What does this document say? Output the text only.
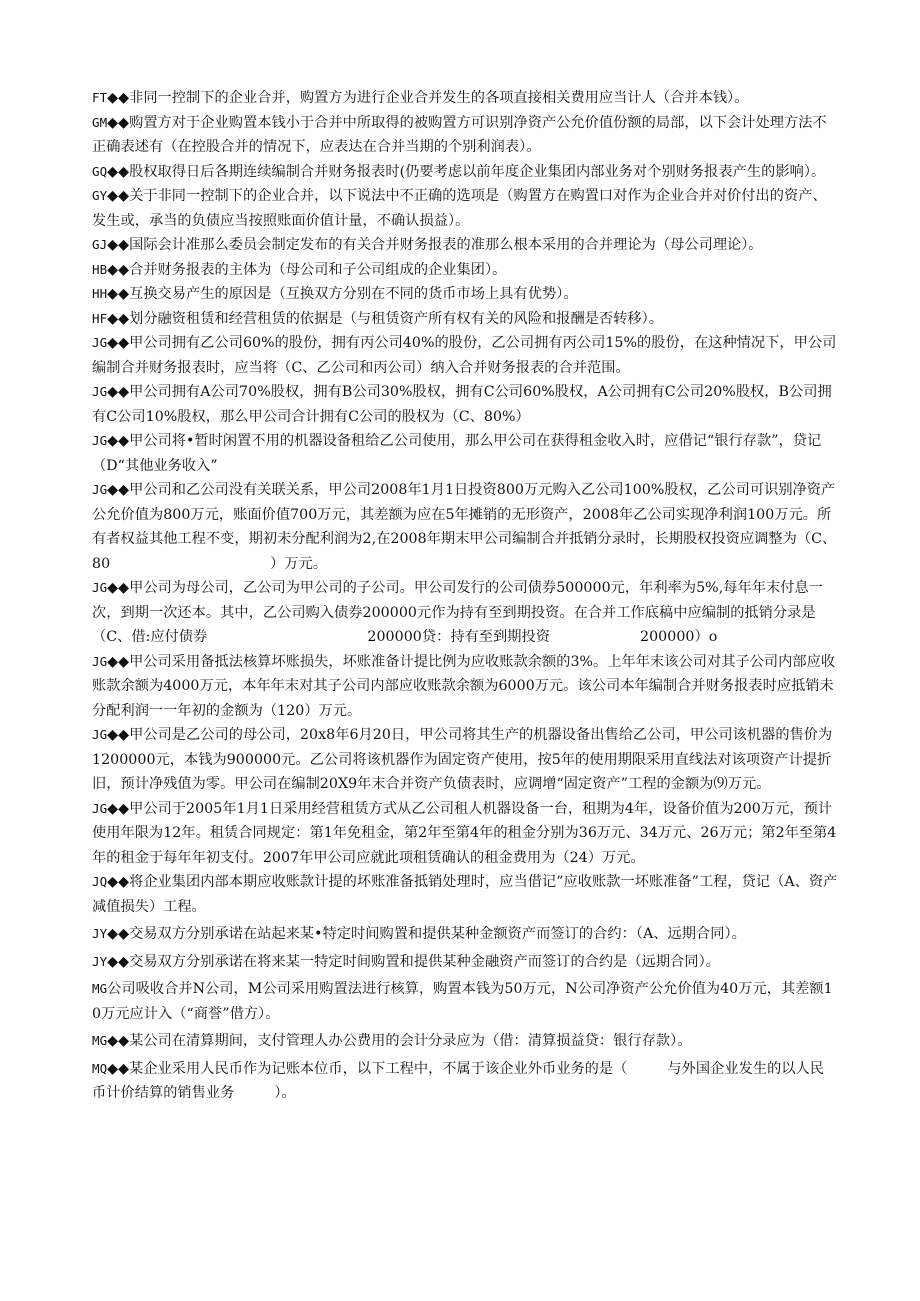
FT◆◆非同一控制下的企业合并，购置方为进行企业合并发生的各项直接相关费用应当计人（合并本钱）。

GM◆◆购置方对于企业购置本钱小于合并中所取得的被购置方可识别净资产公允价值份额的局部，以下会计处理方法不正确表述有（在控股合并的情况下，应表达在合并当期的个别利润表）。

GQ◆◆股权取得日后各期连续编制合并财务报表时(仍要考虑以前年度企业集团内部业务对个别财务报表产生的影响）。

GY◆◆关于非同一控制下的企业合并，以下说法中不正确的选项是（购置方在购置口对作为企业合并对价付出的资产、发生或，承当的负债应当按照账面价值计量，不确认损益）。

GJ◆◆国际会计准那么委员会制定发布的有关合并财务报表的准那么根本采用的合并理论为（母公司理论）。

HB◆◆合并财务报表的主体为（母公司和子公司组成的企业集团）。

HH◆◆互换交易产生的原因是（互换双方分别在不同的货币市场上具有优势）。

HF◆◆划分融资租赁和经营租赁的依据是（与租赁资产所有权有关的风险和报酬是否转移）。

JG◆◆甲公司拥有乙公司60%的股份，拥有丙公司40%的股份，乙公司拥有丙公司15%的股份，在这种情况下，甲公司编制合并财务报表时，应当将（C、乙公司和丙公司）纳入合并财务报表的合并范围。

JG◆◆甲公司拥有A公司70%股权，拥有B公司30%股权，拥有C公司60%股权，A公司拥有C公司20%股权，B公司拥有C公司10%股权，那么甲公司合计拥有C公司的股权为（C、80%）

JG◆◆甲公司将•暂时闲置不用的机器设备租给乙公司使用，那么甲公司在获得租金收入时，应借记“银行存款”，贷记（D“其他业务收入”

JG◆◆甲公司和乙公司没有关联关系，甲公司2008年1月1日投资800万元购入乙公司100%股权，乙公司可识别净资产公允价值为800万元，账面价值700万元，其差额为应在5年摊销的无形资产，2008年乙公司实现净利润100万元。所有者权益其他工程不变，期初未分配利润为2,在2008年期末甲公司编制合并抵销分录时，长期股权投资应调整为（C、80	）万元。

JG◆◆甲公司为母公司，乙公司为甲公司的子公司。甲公司发行的公司债券500000元，年利率为5%,每年年末付息一次，到期一次还本。其中，乙公司购入债券200000元作为持有至到期投资。在合并工作底稿中应编制的抵销分录是（C、借:应付债券	200000贷：持有至到期投资	200000）o

JG◆◆甲公司采用备抵法核算坏账损失，坏账准备计提比例为应收账款余额的3%。上年年末该公司对其子公司内部应收账款余额为4000万元，本年年末对其子公司内部应收账款余额为6000万元。该公司本年编制合并财务报表时应抵销未分配利润一一年初的金额为（120）万元。

JG◆◆甲公司是乙公司的母公司，20x8年6月20日，甲公司将其生产的机器设备出售给乙公司，甲公司该机器的售价为1200000元，本钱为900000元。乙公司将该机器作为固定资产使用，按5年的使用期限采用直线法对该项资产计提折旧，预计净残值为零。甲公司在编制20X9年末合并资产负债表时，应调增“固定资产”工程的金额为⑼万元。

JG◆◆甲公司于2005年1月1日采用经营租赁方式从乙公司租人机器设备一台，租期为4年，设备价值为200万元，预计使用年限为12年。租赁合同规定：第1年免租金，第2年至第4年的租金分别为36万元、34万元、26万元；第2年至第4年的租金于每年年初支付。2007年甲公司应就此项租赁确认的租金费用为（24）万元。

JQ◆◆将企业集团内部本期应收账款计提的坏账准备抵销处理时，应当借记”应收账款一坏账准备”工程，贷记（A、资产减值损失）工程。

JY◆◆交易双方分别承诺在站起来某•特定时间购置和提供某种金额资产而签订的合约：（A、远期合同）。

JY◆◆交易双方分别承诺在将来某一特定时间购置和提供某种金融资产而签订的合约是（远期合同）。

MG公司吸收合并N公司，M公司采用购置法进行核算，购置本钱为50万元，N公司净资产公允价值为40万元，其差额10万元应计入（“商誉”借方）。

MG◆◆某公司在清算期间，支付管理人办公费用的会计分录应为（借：清算损益贷：银行存款）。

MQ◆◆某企业采用人民币作为记账本位币，以下工程中，不属于该企业外币业务的是（	与外国企业发生的以人民币计价结算的销售业务	）。
